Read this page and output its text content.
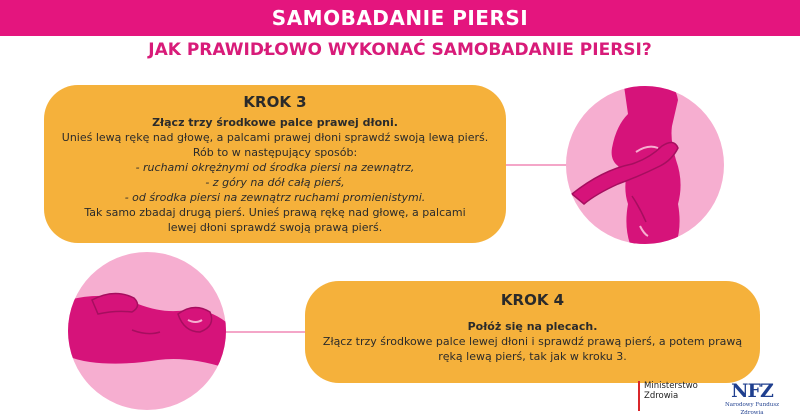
SAMOBADANIE PIERSI
JAK PRAWIDŁOWO WYKONAĆ SAMOBADANIE PIERSI?
KROK 3
Złącz trzy środkowe palce prawej dłoni.
Unieś lewą rękę nad głowę, a palcami prawej dłoni sprawdź swoją lewą pierś.
Rób to w następujący sposób:
- ruchami okrężnymi od środka piersi na zewnątrz,
- z góry na dół całą pierś,
- od środka piersi na zewnątrz ruchami promienistymi.
Tak samo zbadaj drugą pierś. Unieś prawą rękę nad głowę, a palcami
lewej dłoni sprawdź swoją prawą pierś.
KROK 4
Połóż się na plecach.
Złącz trzy środkowe palce lewej dłoni i sprawdź prawą pierś, a potem prawą
ręką lewą pierś, tak jak w kroku 3.
Ministerstwo
Zdrowia	NFZ
Narodowy Fundusz Zdrowia
